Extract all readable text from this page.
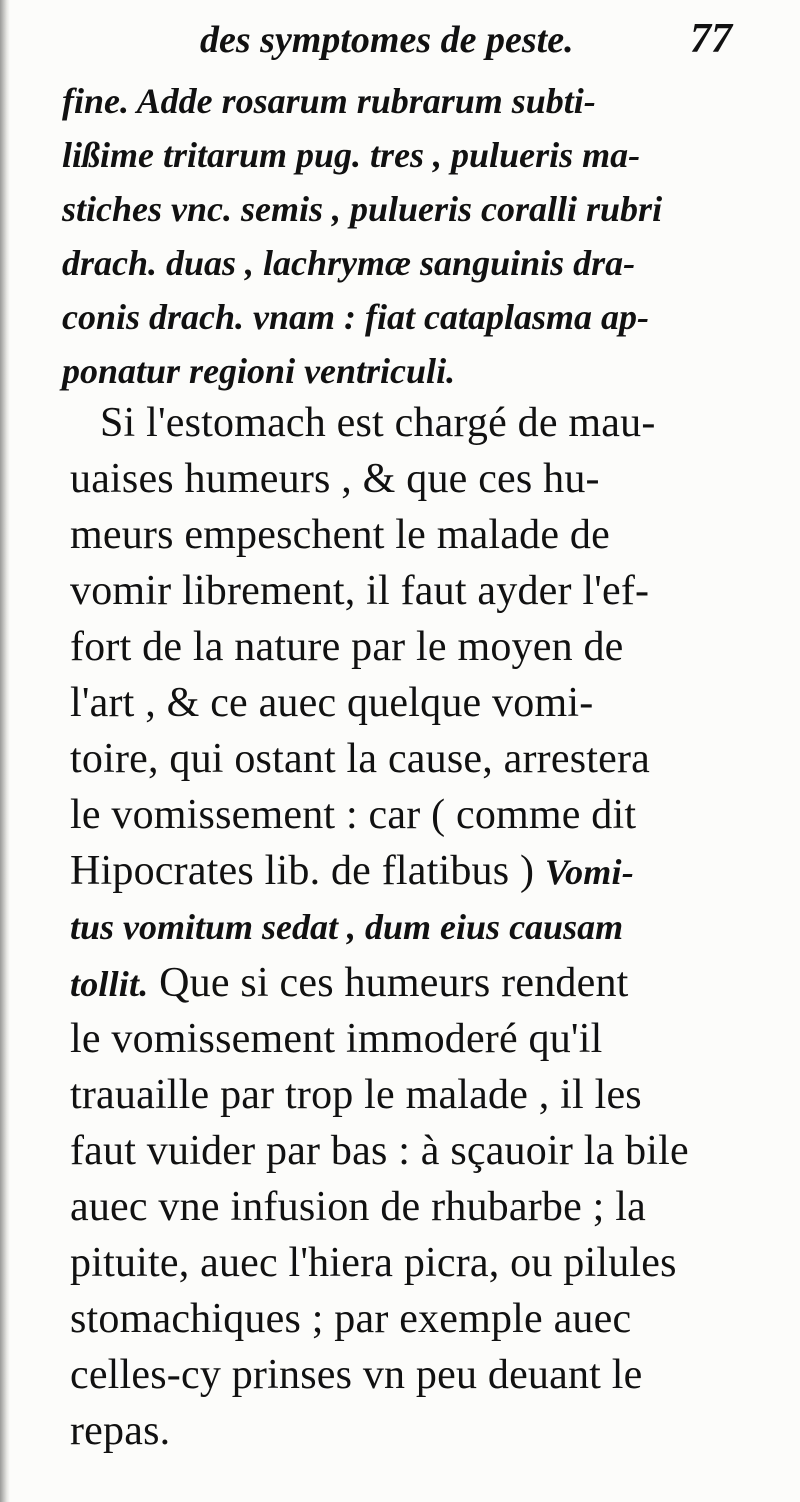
des symptomes de peste.	77
fine. Adde rosarum rubrarum subti-
lißime tritarum pug. tres , pulueris ma-
stiches vnc. semis , pulueris coralli rubri
drach. duas , lachrymæ sanguinis dra-
conis drach. vnam : fiat cataplasma ap-
ponatur regioni ventriculi.
Si l'estomach est chargé de mau-
uaises humeurs , & que ces hu-
meurs empeschent le malade de
vomir librement, il faut ayder l'ef-
fort de la nature par le moyen de
l'art , & ce auec quelque vomi-
toire, qui ostant la cause, arrestera
le vomissement : car ( comme dit
Hipocrates lib. de flatibus ) Vomi-
tus vomitum sedat , dum eius causam
tollit. Que si ces humeurs rendent
le vomissement immoderé qu'il
trauaille par trop le malade , il les
faut vuider par bas : à sçauoir la bile
auec vne infusion de rhubarbe ; la
pituite, auec l'hiera picra, ou pilules
stomachiques ; par exemple auec
celles-cy prinses vn peu deuant le
repas.
